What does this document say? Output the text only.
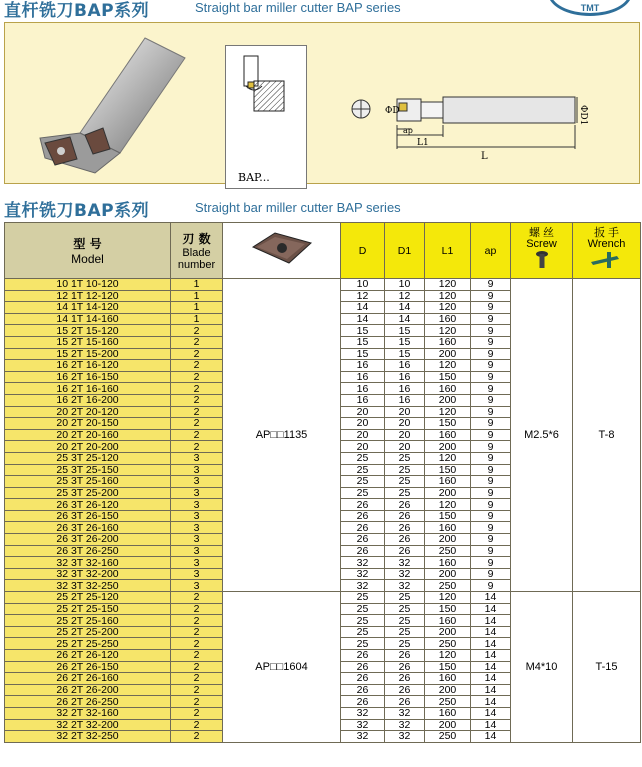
直杆铣刀BAP系列	Straight bar miller cutter BAP series	TMT
BAP...
ΦD
ap
L1
L
ΦD1
直杆铣刀BAP系列	Straight bar miller cutter BAP series
型 号
Model	刃 数
Blade
number		D	D1	L1	ap	螺 丝
Screw	扳 手
Wrench

10 1T 10-120	1	AP□□1135	10	10	120	9	M2.5*6	T-8
12 1T 12-120	1		12	12	120	9		
14 1T 14-120	1		14	14	120	9		
14 1T 14-160	1		14	14	160	9		
15 2T 15-120	2		15	15	120	9		
15 2T 15-160	2		15	15	160	9		
15 2T 15-200	2		15	15	200	9		
16 2T 16-120	2		16	16	120	9		
16 2T 16-150	2		16	16	150	9		
16 2T 16-160	2		16	16	160	9		
16 2T 16-200	2		16	16	200	9		
20 2T 20-120	2		20	20	120	9		
20 2T 20-150	2		20	20	150	9		
20 2T 20-160	2		20	20	160	9		
20 2T 20-200	2		20	20	200	9		
25 3T 25-120	3		25	25	120	9		
25 3T 25-150	3		25	25	150	9		
25 3T 25-160	3		25	25	160	9		
25 3T 25-200	3		25	25	200	9		
26 3T 26-120	3		26	26	120	9		
26 3T 26-150	3		26	26	150	9		
26 3T 26-160	3		26	26	160	9		
26 3T 26-200	3		26	26	200	9		
26 3T 26-250	3		26	26	250	9		
32 3T 32-160	3		32	32	160	9		
32 3T 32-200	3		32	32	200	9		
32 3T 32-250	3		32	32	250	9		
25 2T 25-120	2	AP□□1604	25	25	120	14	M4*10	T-15
25 2T 25-150	2		25	25	150	14		
25 2T 25-160	2		25	25	160	14		
25 2T 25-200	2		25	25	200	14		
25 2T 25-250	2		25	25	250	14		
26 2T 26-120	2		26	26	120	14		
26 2T 26-150	2		26	26	150	14		
26 2T 26-160	2		26	26	160	14		
26 2T 26-200	2		26	26	200	14		
26 2T 26-250	2		26	26	250	14		
32 2T 32-160	2		32	32	160	14		
32 2T 32-200	2		32	32	200	14		
32 2T 32-250	2		32	32	250	14		
